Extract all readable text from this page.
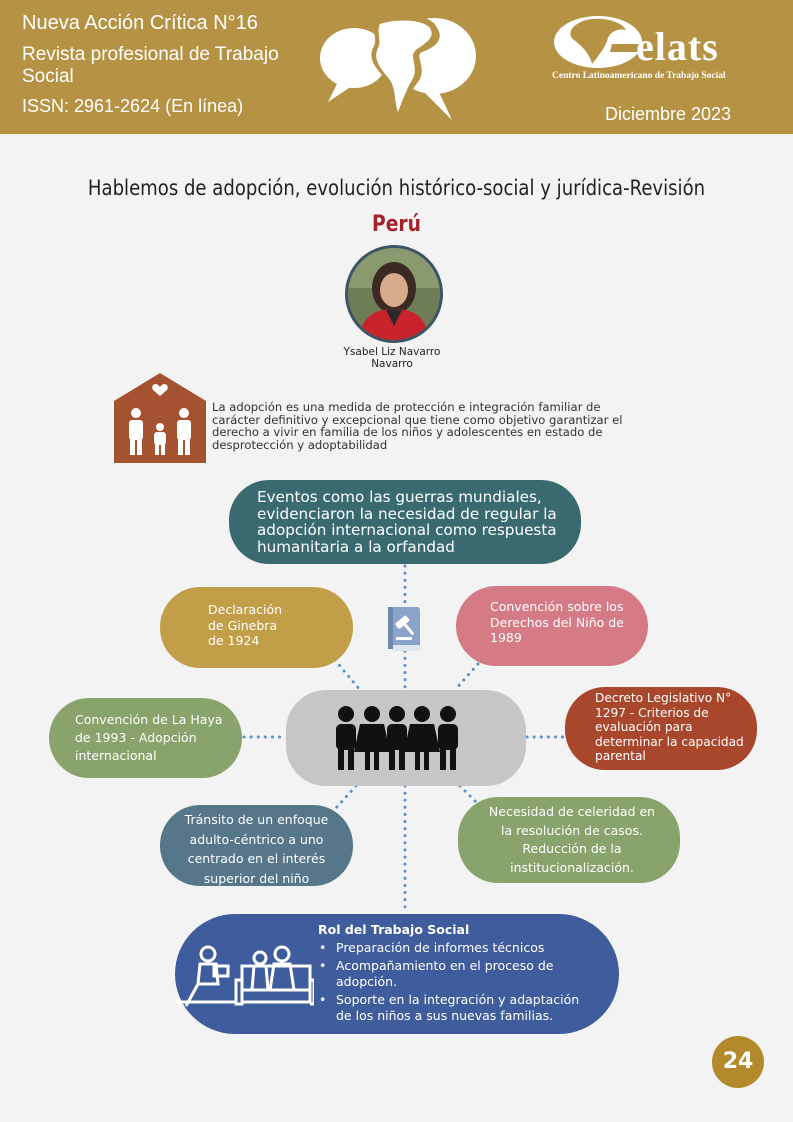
Nueva Acción Crítica N°16
Revista profesional de Trabajo Social
ISSN: 2961-2624 (En línea)	Diciembre 2023
elats
Centro Latinoamericano de Trabajo Social
Hablemos de adopción, evolución histórico-social y jurídica-Revisión
Perú
Ysabel Liz Navarro Navarro
La adopción es una medida de protección e integración familiar de carácter definitivo y excepcional que tiene como objetivo garantizar el derecho a vivir en familia de los niños y adolescentes en estado de desprotección y adoptabilidad
Eventos como las guerras mundiales, evidenciaron la necesidad de regular la adopción internacional como respuesta humanitaria a la orfandad
Declaración de Ginebra de 1924
Convención sobre los Derechos del Niño de 1989
Convención de La Haya de 1993 - Adopción internacional
Decreto Legislativo N° 1297 - Criterios de evaluación para determinar la capacidad parental
Tránsito de un enfoque adulto-céntrico a uno centrado en el interés superior del niño
Necesidad de celeridad en la resolución de casos. Reducción de la institucionalización.
Rol del Trabajo Social
• Preparación de informes técnicos
• Acompañamiento en el proceso de adopción.
• Soporte en la integración y adaptación de los niños a sus nuevas familias.
24
